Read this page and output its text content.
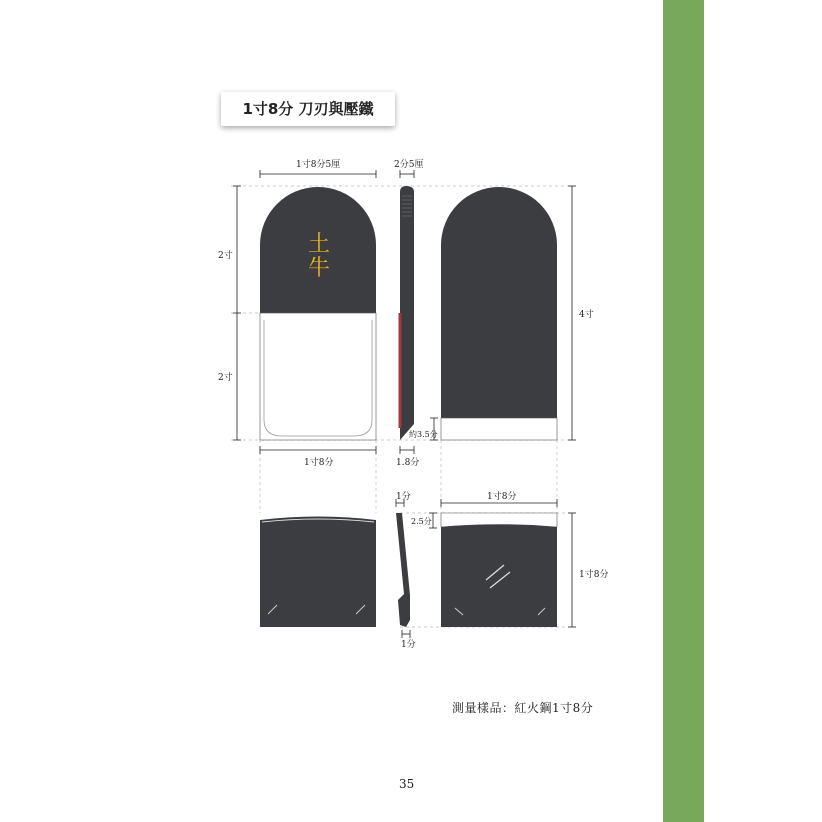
1寸8分 刀刃與壓鐵
土
牛
1寸8分5厘	2分5厘
2寸
2寸
4寸
約3.5分
1寸8分	1.8分
1分
2.5分
1寸8分
1寸8分
1分
測量樣品：紅火鋼1寸8分
35
